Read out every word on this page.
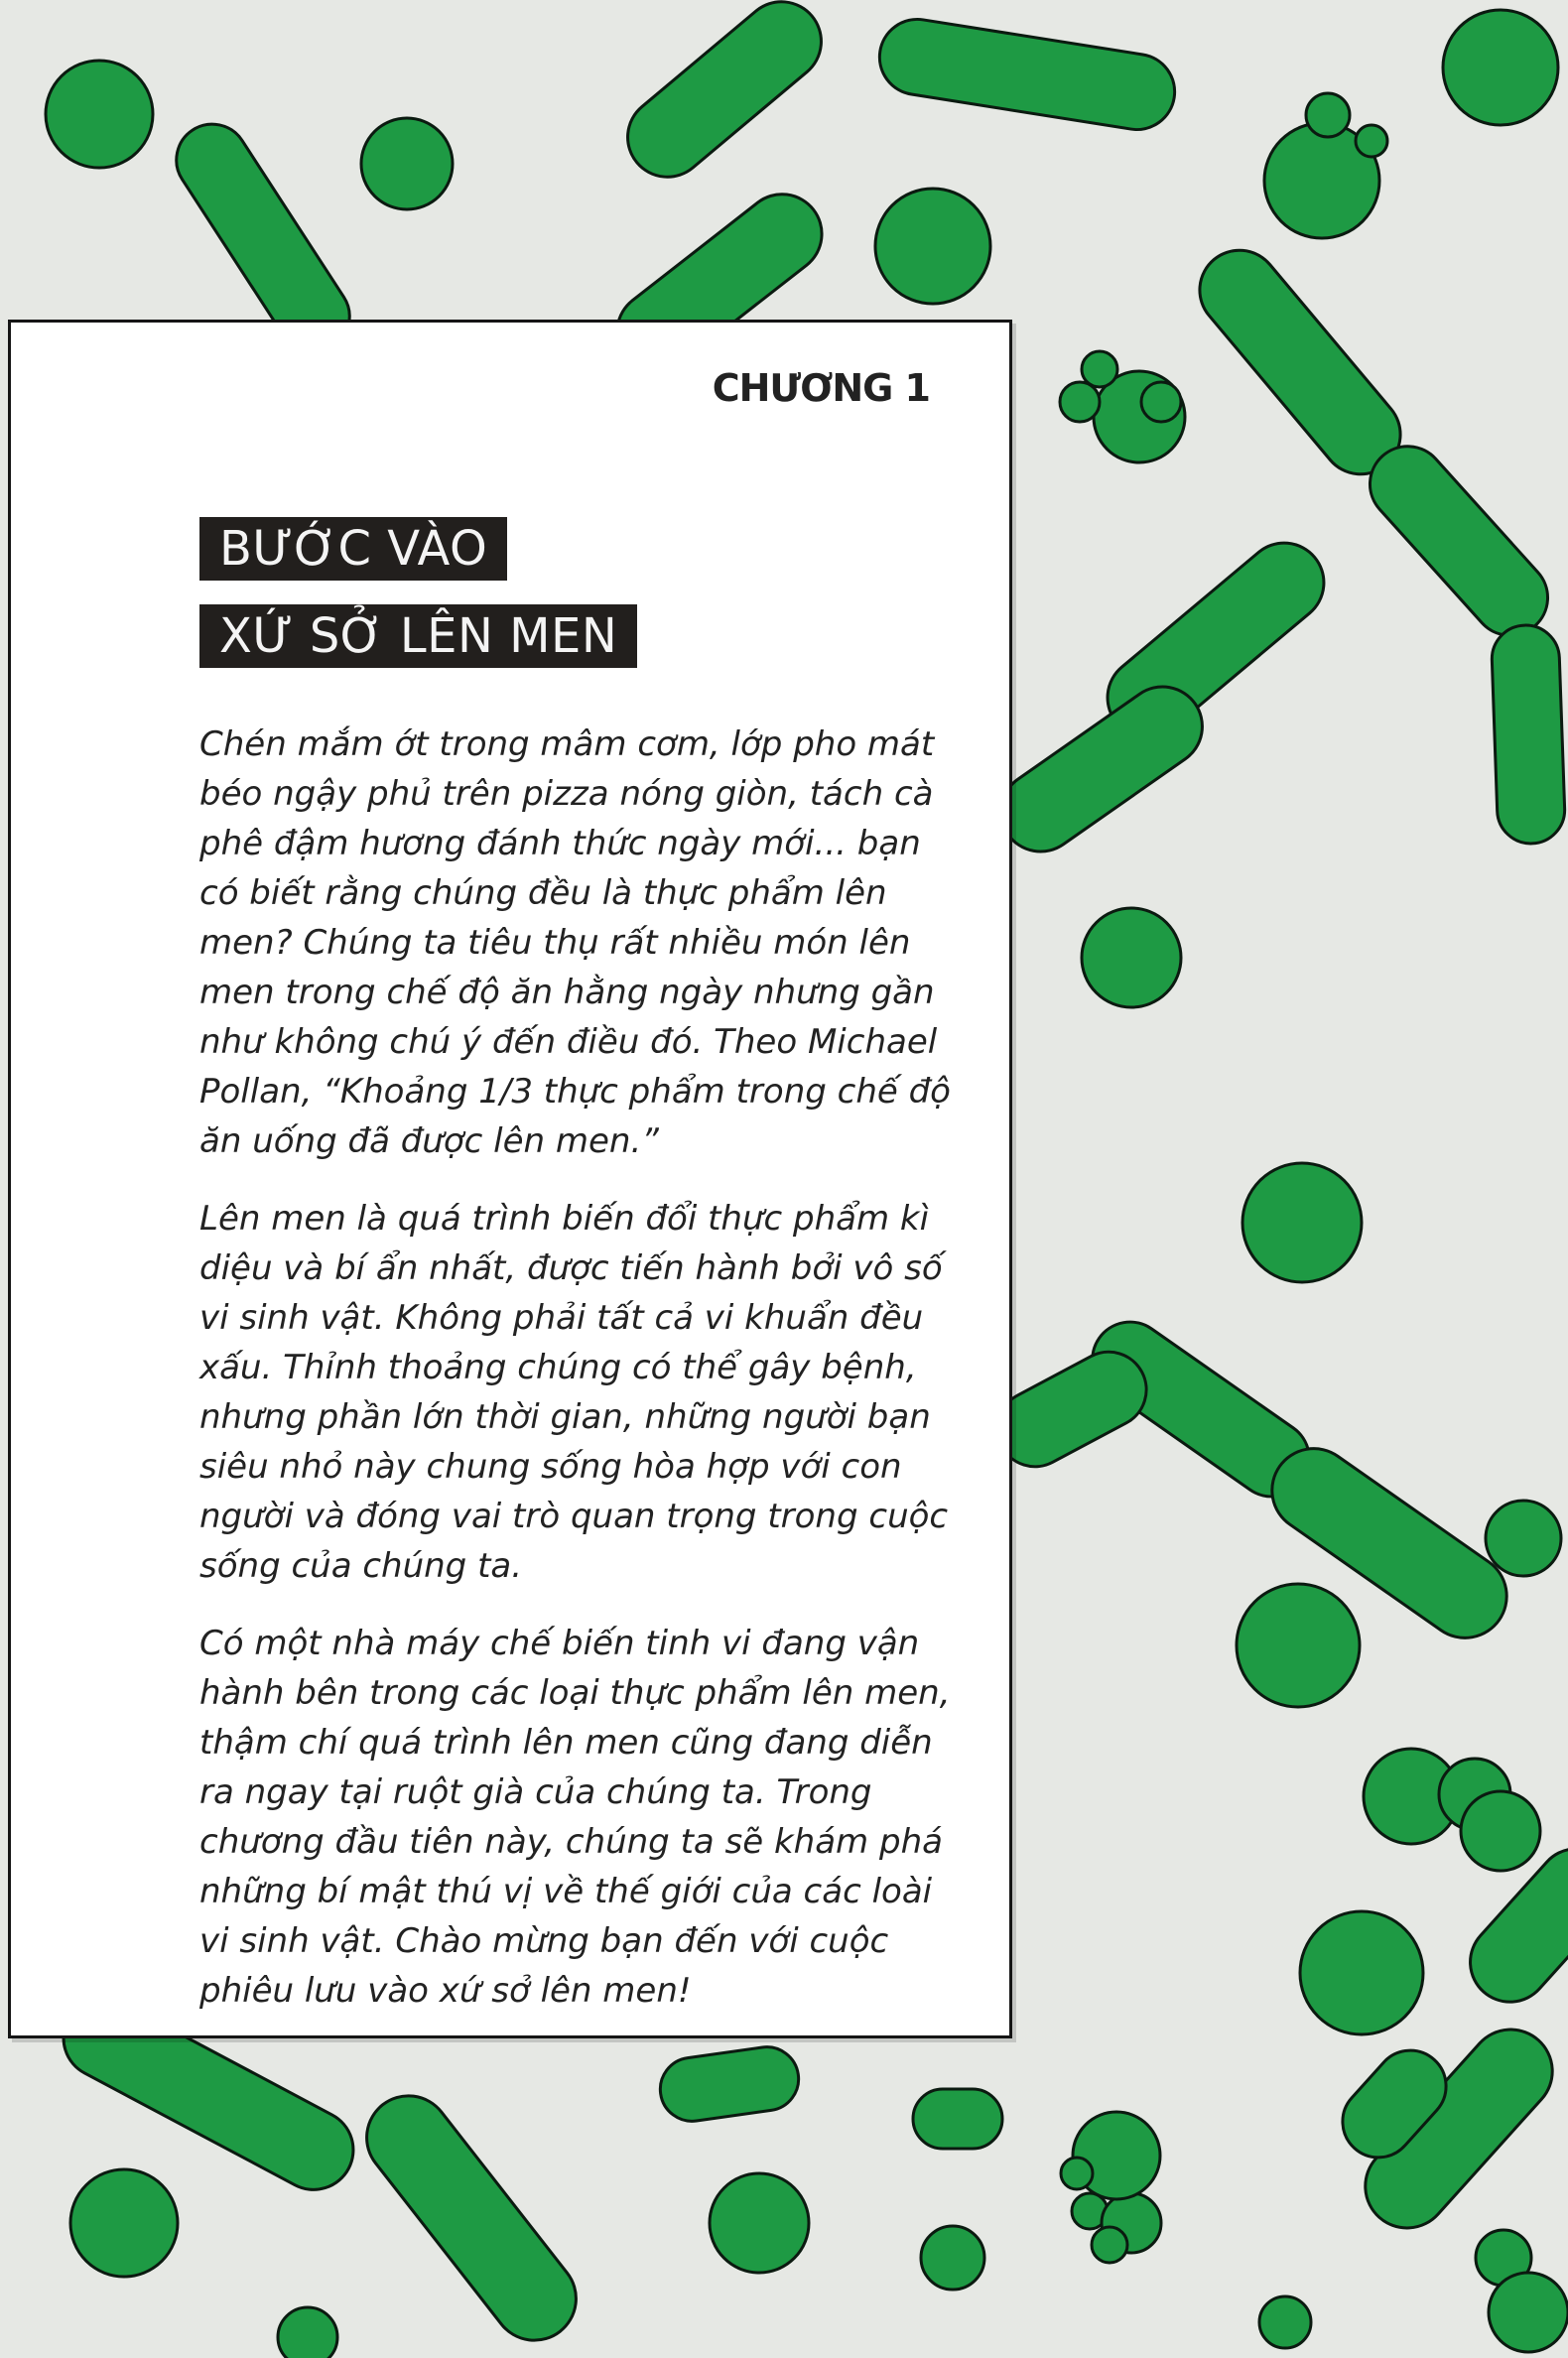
CHƯƠNG 1
BƯỚC VÀO
XỨ SỞ LÊN MEN

Chén mắm ớt trong mâm cơm, lớp pho mát béo ngậy phủ trên pizza nóng giòn, tách cà phê đậm hương đánh thức ngày mới... bạn có biết rằng chúng đều là thực phẩm lên men? Chúng ta tiêu thụ rất nhiều món lên men trong chế độ ăn hằng ngày nhưng gần như không chú ý đến điều đó. Theo Michael Pollan, “Khoảng 1/3 thực phẩm trong chế độ ăn uống đã được lên men.”

Lên men là quá trình biến đổi thực phẩm kì diệu và bí ẩn nhất, được tiến hành bởi vô số vi sinh vật. Không phải tất cả vi khuẩn đều xấu. Thỉnh thoảng chúng có thể gây bệnh, nhưng phần lớn thời gian, những người bạn siêu nhỏ này chung sống hòa hợp với con người và đóng vai trò quan trọng trong cuộc sống của chúng ta.

Có một nhà máy chế biến tinh vi đang vận hành bên trong các loại thực phẩm lên men, thậm chí quá trình lên men cũng đang diễn ra ngay tại ruột già của chúng ta. Trong chương đầu tiên này, chúng ta sẽ khám phá những bí mật thú vị về thế giới của các loài vi sinh vật. Chào mừng bạn đến với cuộc phiêu lưu vào xứ sở lên men!
